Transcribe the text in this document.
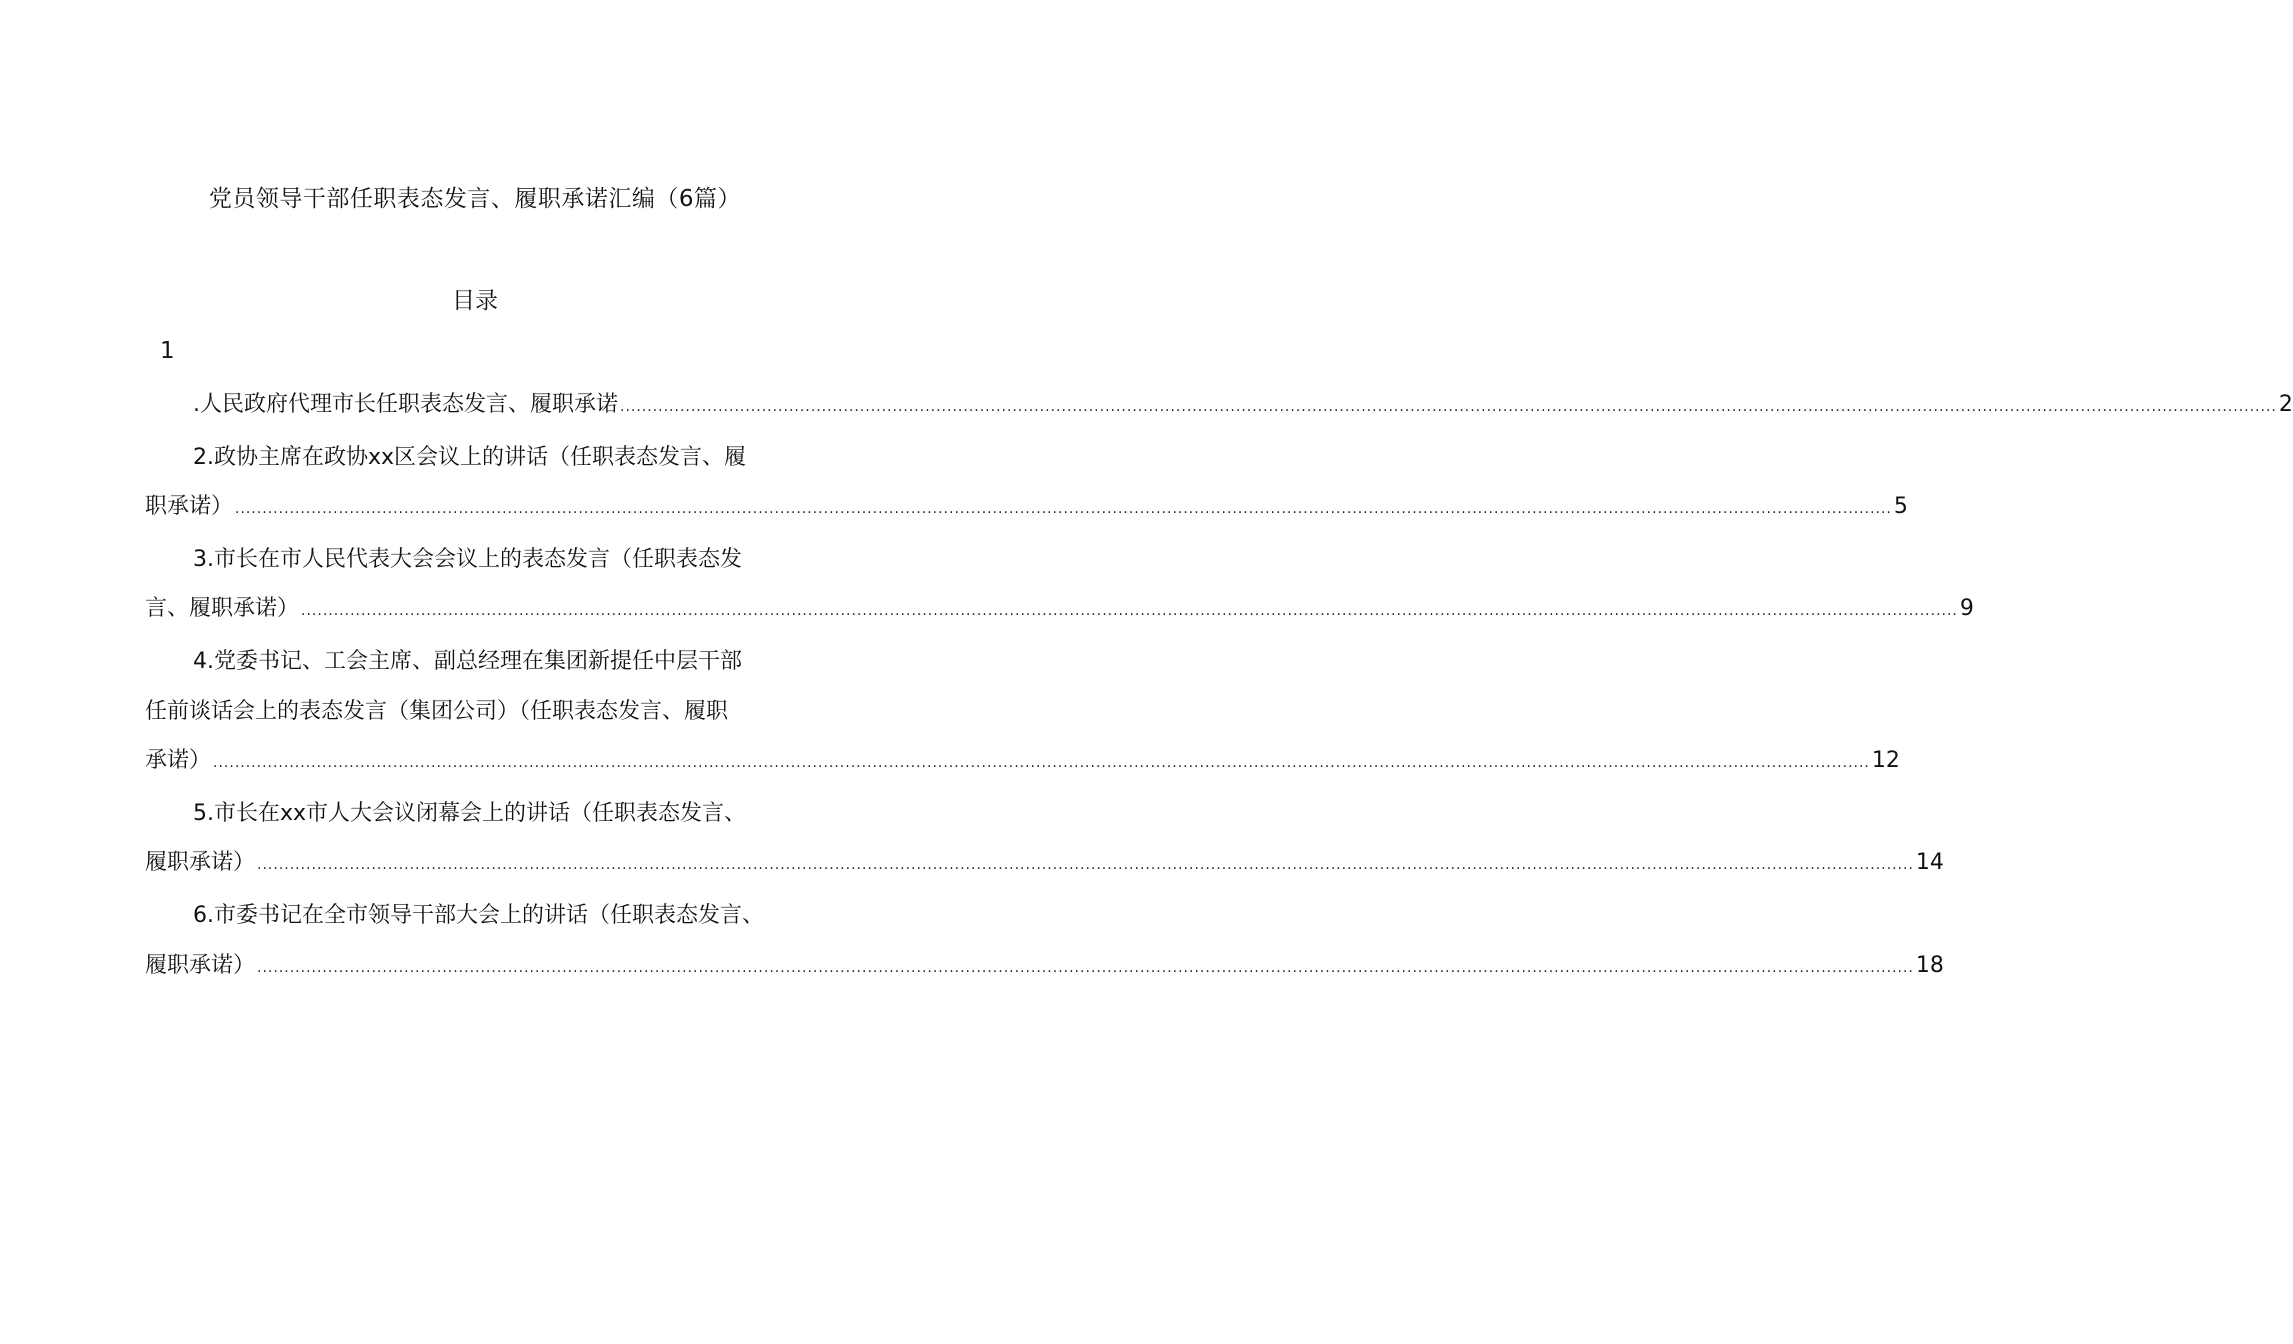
党员领导干部任职表态发言、履职承诺汇编（6篇）
目录
1
.人民政府代理市长任职表态发言、履职承诺 .....	2
2.政协主席在政协xx区会议上的讲话（任职表态发言、履
职承诺） .....	5
3.市长在市人民代表大会会议上的表态发言（任职表态发
言、履职承诺） .....	9
4.党委书记、工会主席、副总经理在集团新提任中层干部
任前谈话会上的表态发言（集团公司）（任职表态发言、履职
承诺） .....	12
5.市长在xx市人大会议闭幕会上的讲话（任职表态发言、
履职承诺） .....	14
6.市委书记在全市领导干部大会上的讲话（任职表态发言、
履职承诺） .....	18
